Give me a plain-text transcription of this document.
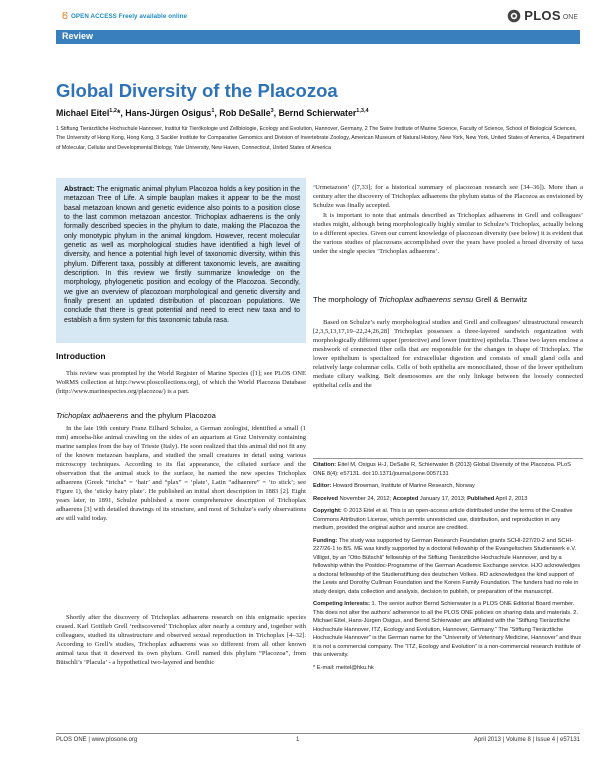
OPEN ACCESS Freely available online	PLOS ONE
Review
Global Diversity of the Placozoa
Michael Eitel$^{1,2}$*, Hans-Jürgen Osigus$^1$, Rob DeSalle$^3$, Bernd Schierwater$^{1,3,4}$
1 Stiftung Tierärztliche Hochschule Hannover, Institut für Tierökologie und Zellbiologie, Ecology and Evolution, Hannover, Germany, 2 The Swire Institute of Marine Science, Faculty of Science, School of Biological Sciences, The University of Hong Kong, Hong Kong, 3 Sackler Institute for Comparative Genomics and Division of Invertebrate Zoology, American Museum of Natural History, New York, New York, United States of America, 4 Department of Molecular, Cellular and Developmental Biology, Yale University, New Haven, Connecticut, United States of America
Abstract: The enigmatic animal phylum Placozoa holds a key position in the metazoan Tree of Life. A simple bauplan makes it appear to be the most basal metazoan known and genetic evidence also points to a position close to the last common metazoan ancestor. Trichoplax adhaerens is the only formally described species in the phylum to date, making the Placozoa the only monotypic phylum in the animal kingdom. However, recent molecular genetic as well as morphological studies have identified a high level of diversity, and hence a potential high level of taxonomic diversity, within this phylum. Different taxa, possibly at different taxonomic levels, are awaiting description. In this review we firstly summarize knowledge on the morphology, phylogenetic position and ecology of the Placozoa. Secondly, we give an overview of placozoan morphological and genetic diversity and finally present an updated distribution of placozoan populations. We conclude that there is great potential and need to erect new taxa and to establish a firm system for this taxonomic tabula rasa.
Introduction

This review was prompted by the World Register of Marine Species ([1]; see PLOS ONE WoRMS collection at http://www.ploscollections.org), of which the World Placozoa Database (http://www.marinespecies.org/placozoa/) is a part.

Trichoplax adhaerens and the phylum Placozoa

In the late 19th century Franz Eilhard Schulze, a German zoologist, identified a small (1 mm) amoeba-like animal crawling on the sides of an aquarium at Graz University containing marine samples from the bay of Trieste (Italy). He soon realized that this animal did not fit any of the known metazoan bauplans, and studied the small creatures in detail using various microscopy techniques. According to its flat appearance, the ciliated surface and the observation that the animal stuck to the surface, he named the new species Trichoplax adhaerens (Greek “tricha” = ‘hair’ and “plax” = ‘plate’, Latin “adhaerere” = ‘to stick’; see Figure 1), the ‘sticky hairy plate’. He published an initial short description in 1883 [2]. Eight years later, in 1891, Schulze published a more comprehensive description of Trichoplax adhaerens [3] with detailed drawings of its structure, and most of Schulze’s early observations are still valid today.

Shortly after the discovery of Trichoplax adhaerens research on this enigmatic species ceased. Karl Gottlieb Grell ‘rediscovered’ Trichoplax after nearly a century and, together with colleagues, studied its ultrastructure and observed sexual reproduction in Trichoplax [4–32]. According to Grell’s studies, Trichoplax adhaerens was so different from all other known animal taxa that it deserved its own phylum. Grell named this phylum “Placozoa”, from Bütschli’s ‘Placula’ - a hypothetical two-layered and benthic

‘Urmetazoon’ ([7,33]; for a historical summary of placozoan research see [34–36]). More than a century after the discovery of Trichoplax adhaerens the phylum status of the Placozoa as envisioned by Schulze was finally accepted.

It is important to note that animals described as Trichoplax adhaerens in Grell and colleagues’ studies might, although being morphologically highly similar to Schulze’s Trichoplax, actually belong to a different species. Given our current knowledge of placozoan diversity (see below) it is evident that the various studies of placozoans accomplished over the years have pooled a broad diversity of taxa under the single species ‘Trichoplax adhaerens’.

The morphology of Trichoplax adhaerens sensu Grell & Benwitz

Based on Schulze’s early morphological studies and Grell and colleagues’ ultrastructural research [2,3,5,13,17,19–22,24,26,28] Trichoplax possesses a three-layered sandwich organization with morphologically different upper (protective) and lower (nutritive) epithelia. These two layers enclose a meshwork of connected fiber cells that are responsible for the changes in shape of Trichoplax. The lower epithelium is specialized for extracellular digestion and consists of small gland cells and relatively large columnar cells. Cells of both epithelia are monociliated, those of the lower epithelium mediate ciliary walking. Belt desmosomes are the only linkage between the loosely connected epithelial cells and the

Citation: Eitel M, Osigus H-J, DeSalle R, Schierwater B (2013) Global Diversity of the Placozoa. PLoS ONE 8(4): e57131. doi:10.1371/journal.pone.0057131

Editor: Howard Browman, Institute of Marine Research, Norway

Received November 24, 2012; Accepted January 17, 2013; Published April 2, 2013

Copyright: © 2013 Eitel et al. This is an open-access article distributed under the terms of the Creative Commons Attribution License, which permits unrestricted use, distribution, and reproduction in any medium, provided the original author and source are credited.

Funding: The study was supported by German Research Foundation grants SCHI-227/20-2 and SCHI-227/26-1 to BS. ME was kindly supported by a doctoral fellowship of the Evangelisches Studienwerk e.V. Villigst, by an “Otto Bütschli” fellowship of the Stiftung Tierärztliche Hochschule Hannover, and by a fellowship within the Postdoc-Programme of the German Academic Exchange service. HJO acknowledges a doctoral fellowship of the Studienstiftung des deutschen Volkes. RD acknowledges the kind support of the Lewis and Dorothy Cullman Foundation and the Korein Family Foundation. The funders had no role in study design, data collection and analysis, decision to publish, or preparation of the manuscript.

Competing Interests: 1. The senior author Bernd Schierwater is a PLOS ONE Editorial Board member. This does not alter the authors’ adherence to all the PLOS ONE policies on sharing data and materials. 2. Michael Eitel, Hans-Jürgen Osigus, and Bernd Schierwater are affiliated with the “Stiftung Tierärztliche Hochschule Hannover, ITZ, Ecology and Evolution, Hannover, Germany.” The “Stiftung Tierärztliche Hochschule Hannover” is the German name for the “University of Veterinary Medicine, Hannover” and thus it is not a commercial company. The “ITZ, Ecology and Evolution” is a non-commercial research institute of this university.

* E-mail: meitel@hku.hk

PLOS ONE | www.plosone.org	1	April 2013 | Volume 8 | Issue 4 | e57131
